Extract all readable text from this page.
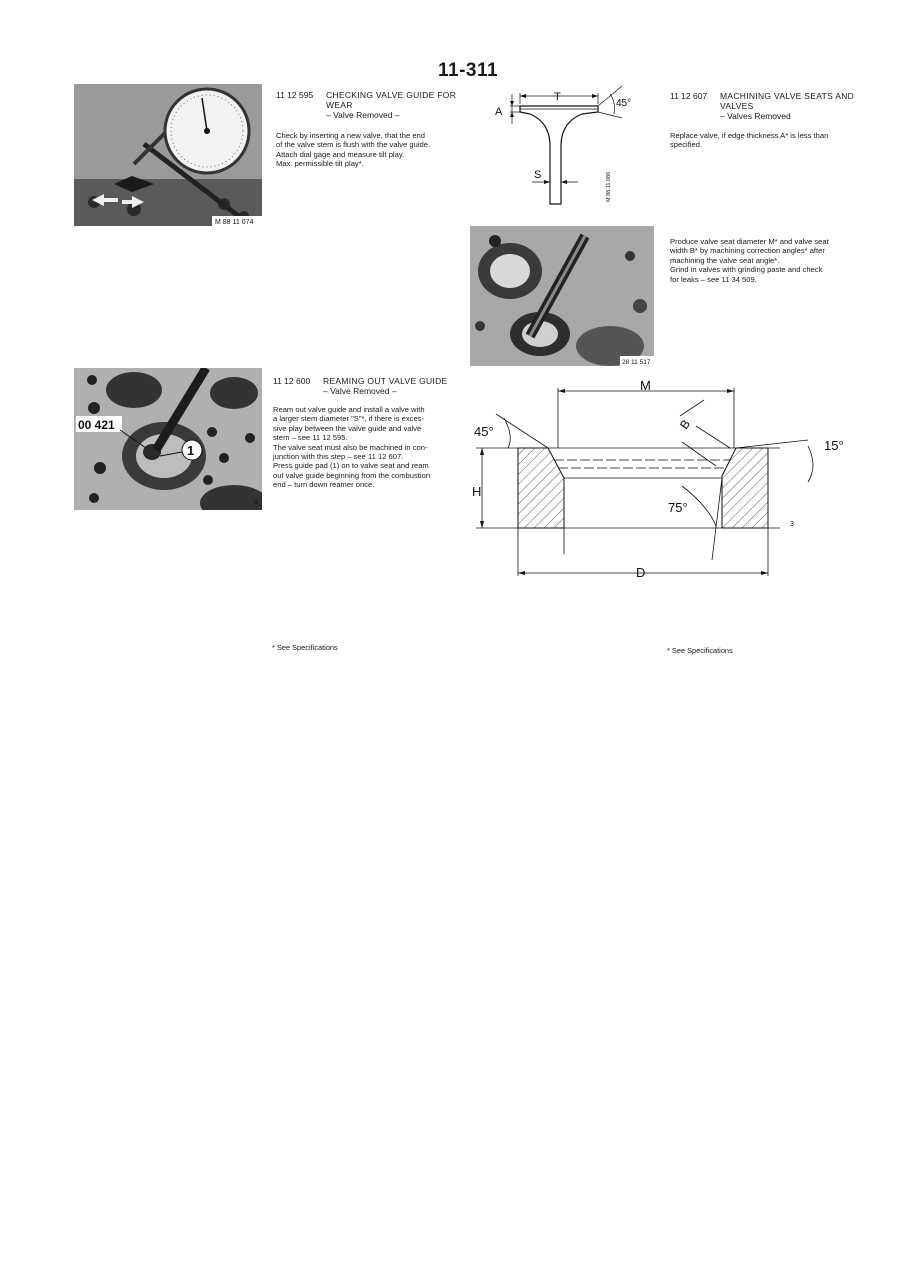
11-311
M 88 11 074
11 12 595	CHECKING VALVE GUIDE FOR WEAR
– Valve Removed –

Check by inserting a new valve, that the end

of the valve stem is flush with the valve guide.

Attach dial gage and measure tilt play.

Max. permissible tilt play*.

A
T
S
45°
M 88 11 086
11 12 607	MACHINING VALVE SEATS AND VALVES
– Valves Removed

Replace valve, if edge thickness A* is less than

specified.

28 11 517

Produce valve seat diameter M* and valve seat

width B* by machining correction angles* after

machining the valve seat angle*.

Grind in valves with grinding paste and check

for leaks – see 11 34 509.

00 421
1
6
11 12 600	REAMING OUT VALVE GUIDE
– Valve Removed –

Ream out valve guide and install a valve with

a larger stem diameter "S"*, if there is exces-

sive play between the valve guide and valve

stem – see 11 12 595.

The valve seat must also be machined in con-

junction with this step – see 11 12 607.

Press guide pad (1) on to valve seat and ream

out valve guide beginning from the combustion

end – turn down reamer once.

M
B
45°
15°
H
75°
D
3
* See Specifications	* See Specifications
